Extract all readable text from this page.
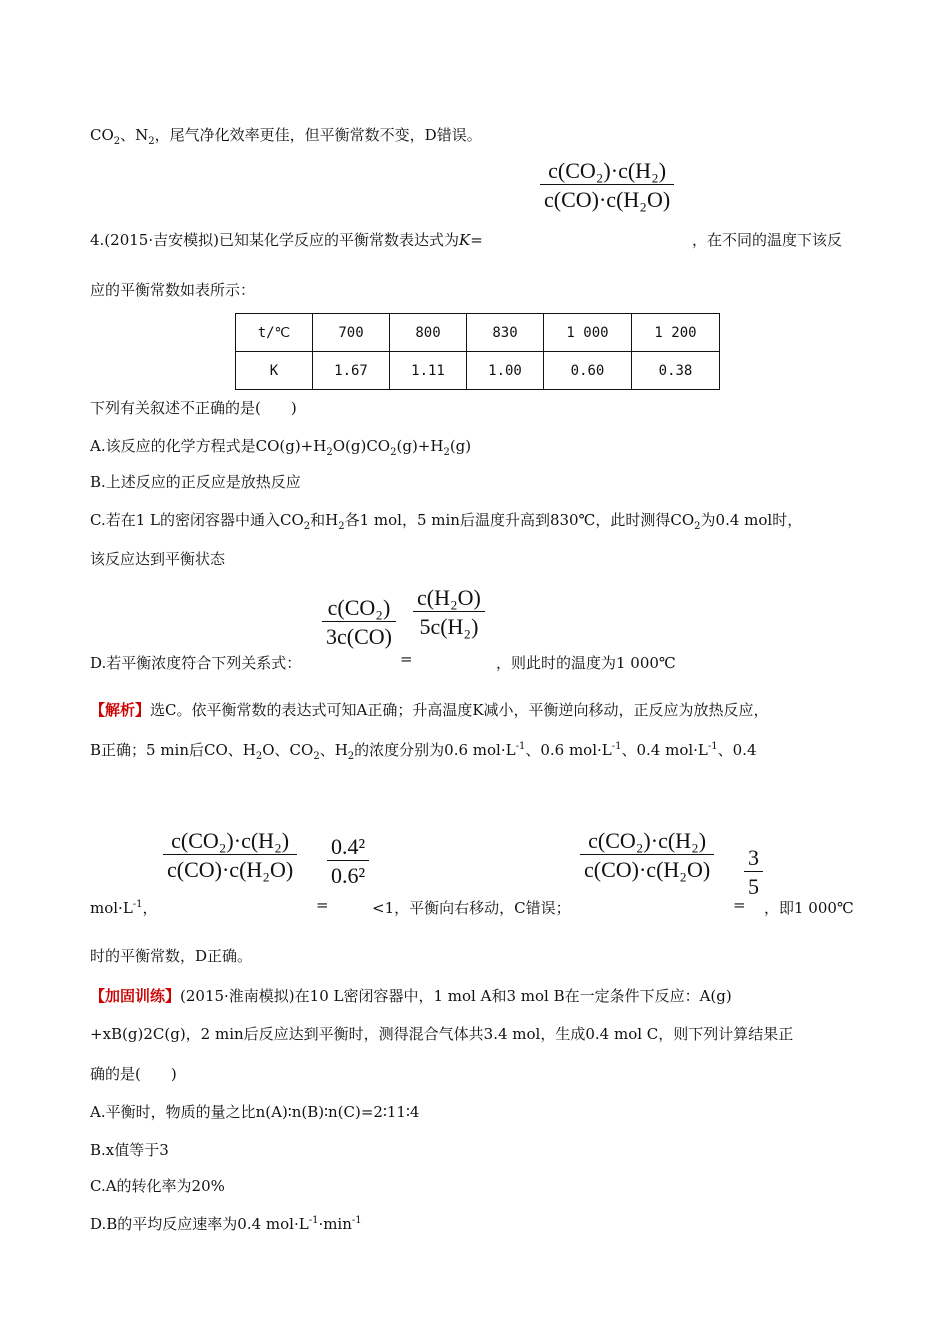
$CO_2$、$N_2$，尾气净化效率更佳，但平衡常数不变，D错误。
$\frac{\text{c(CO₂)·c(H₂)}}{\text{c(CO)·c(H₂O)}}$
4.(2015·吉安模拟)已知某化学反应的平衡常数表达式为K=	，在不同的温度下该反
应的平衡常数如表所示：
t/℃	700	800	830	1 000	1 200
K	1.67	1.11	1.00	0.60	0.38
下列有关叙述不正确的是(　　)
A.该反应的化学方程式是$CO(g)+H_2O(g)CO_2(g)+H_2(g)$
B.上述反应的正反应是放热反应
C.若在1 L的密闭容器中通入$CO_2$和$H_2$各1 mol，5 min后温度升高到830℃，此时测得$CO_2$为0.4 mol时，
该反应达到平衡状态
$\frac{\text{c(CO₂)}}{3c(CO)}$
=
$\frac{\text{c(H₂O)}}{\text{5c(H₂)}}$
D.若平衡浓度符合下列关系式：	，则此时的温度为1 000℃
【解析】选C。依平衡常数的表达式可知A正确；升高温度K减小，平衡逆向移动，正反应为放热反应，
B正确；5 min后CO、$H_2O$、$CO_2$、$H_2$的浓度分别为0.6 $mol\cdot L^{-1}$、0.6 $mol\cdot L^{-1}$、0.4 $mol\cdot L^{-1}$、0.4
$\frac{\text{c(CO₂)·c(H₂)}}{\text{c(CO)·c(H₂O)}}$
=
$\frac{\text{0.4²}}{\text{0.6²}}$	$\frac{\text{c(CO₂)·c(H₂)}}{\text{c(CO)·c(H₂O)}}$
=
$\frac{3}{5}$
$mol\cdot L^{-1}$，	<1，平衡向右移动，C错误；	，即1 000℃
时的平衡常数，D正确。
【加固训练】(2015·淮南模拟)在10 L密闭容器中，1 mol A和3 mol B在一定条件下反应：A(g)
+xB(g)2C(g)，2 min后反应达到平衡时，测得混合气体共3.4 mol，生成0.4 mol C，则下列计算结果正
确的是(　　)
A.平衡时，物质的量之比n(A)∶n(B)∶n(C)=2∶11∶4
B.x值等于3
C.A的转化率为20%
D.B的平均反应速率为0.4 $mol\cdot L^{-1}\cdot\min^{-1}$
